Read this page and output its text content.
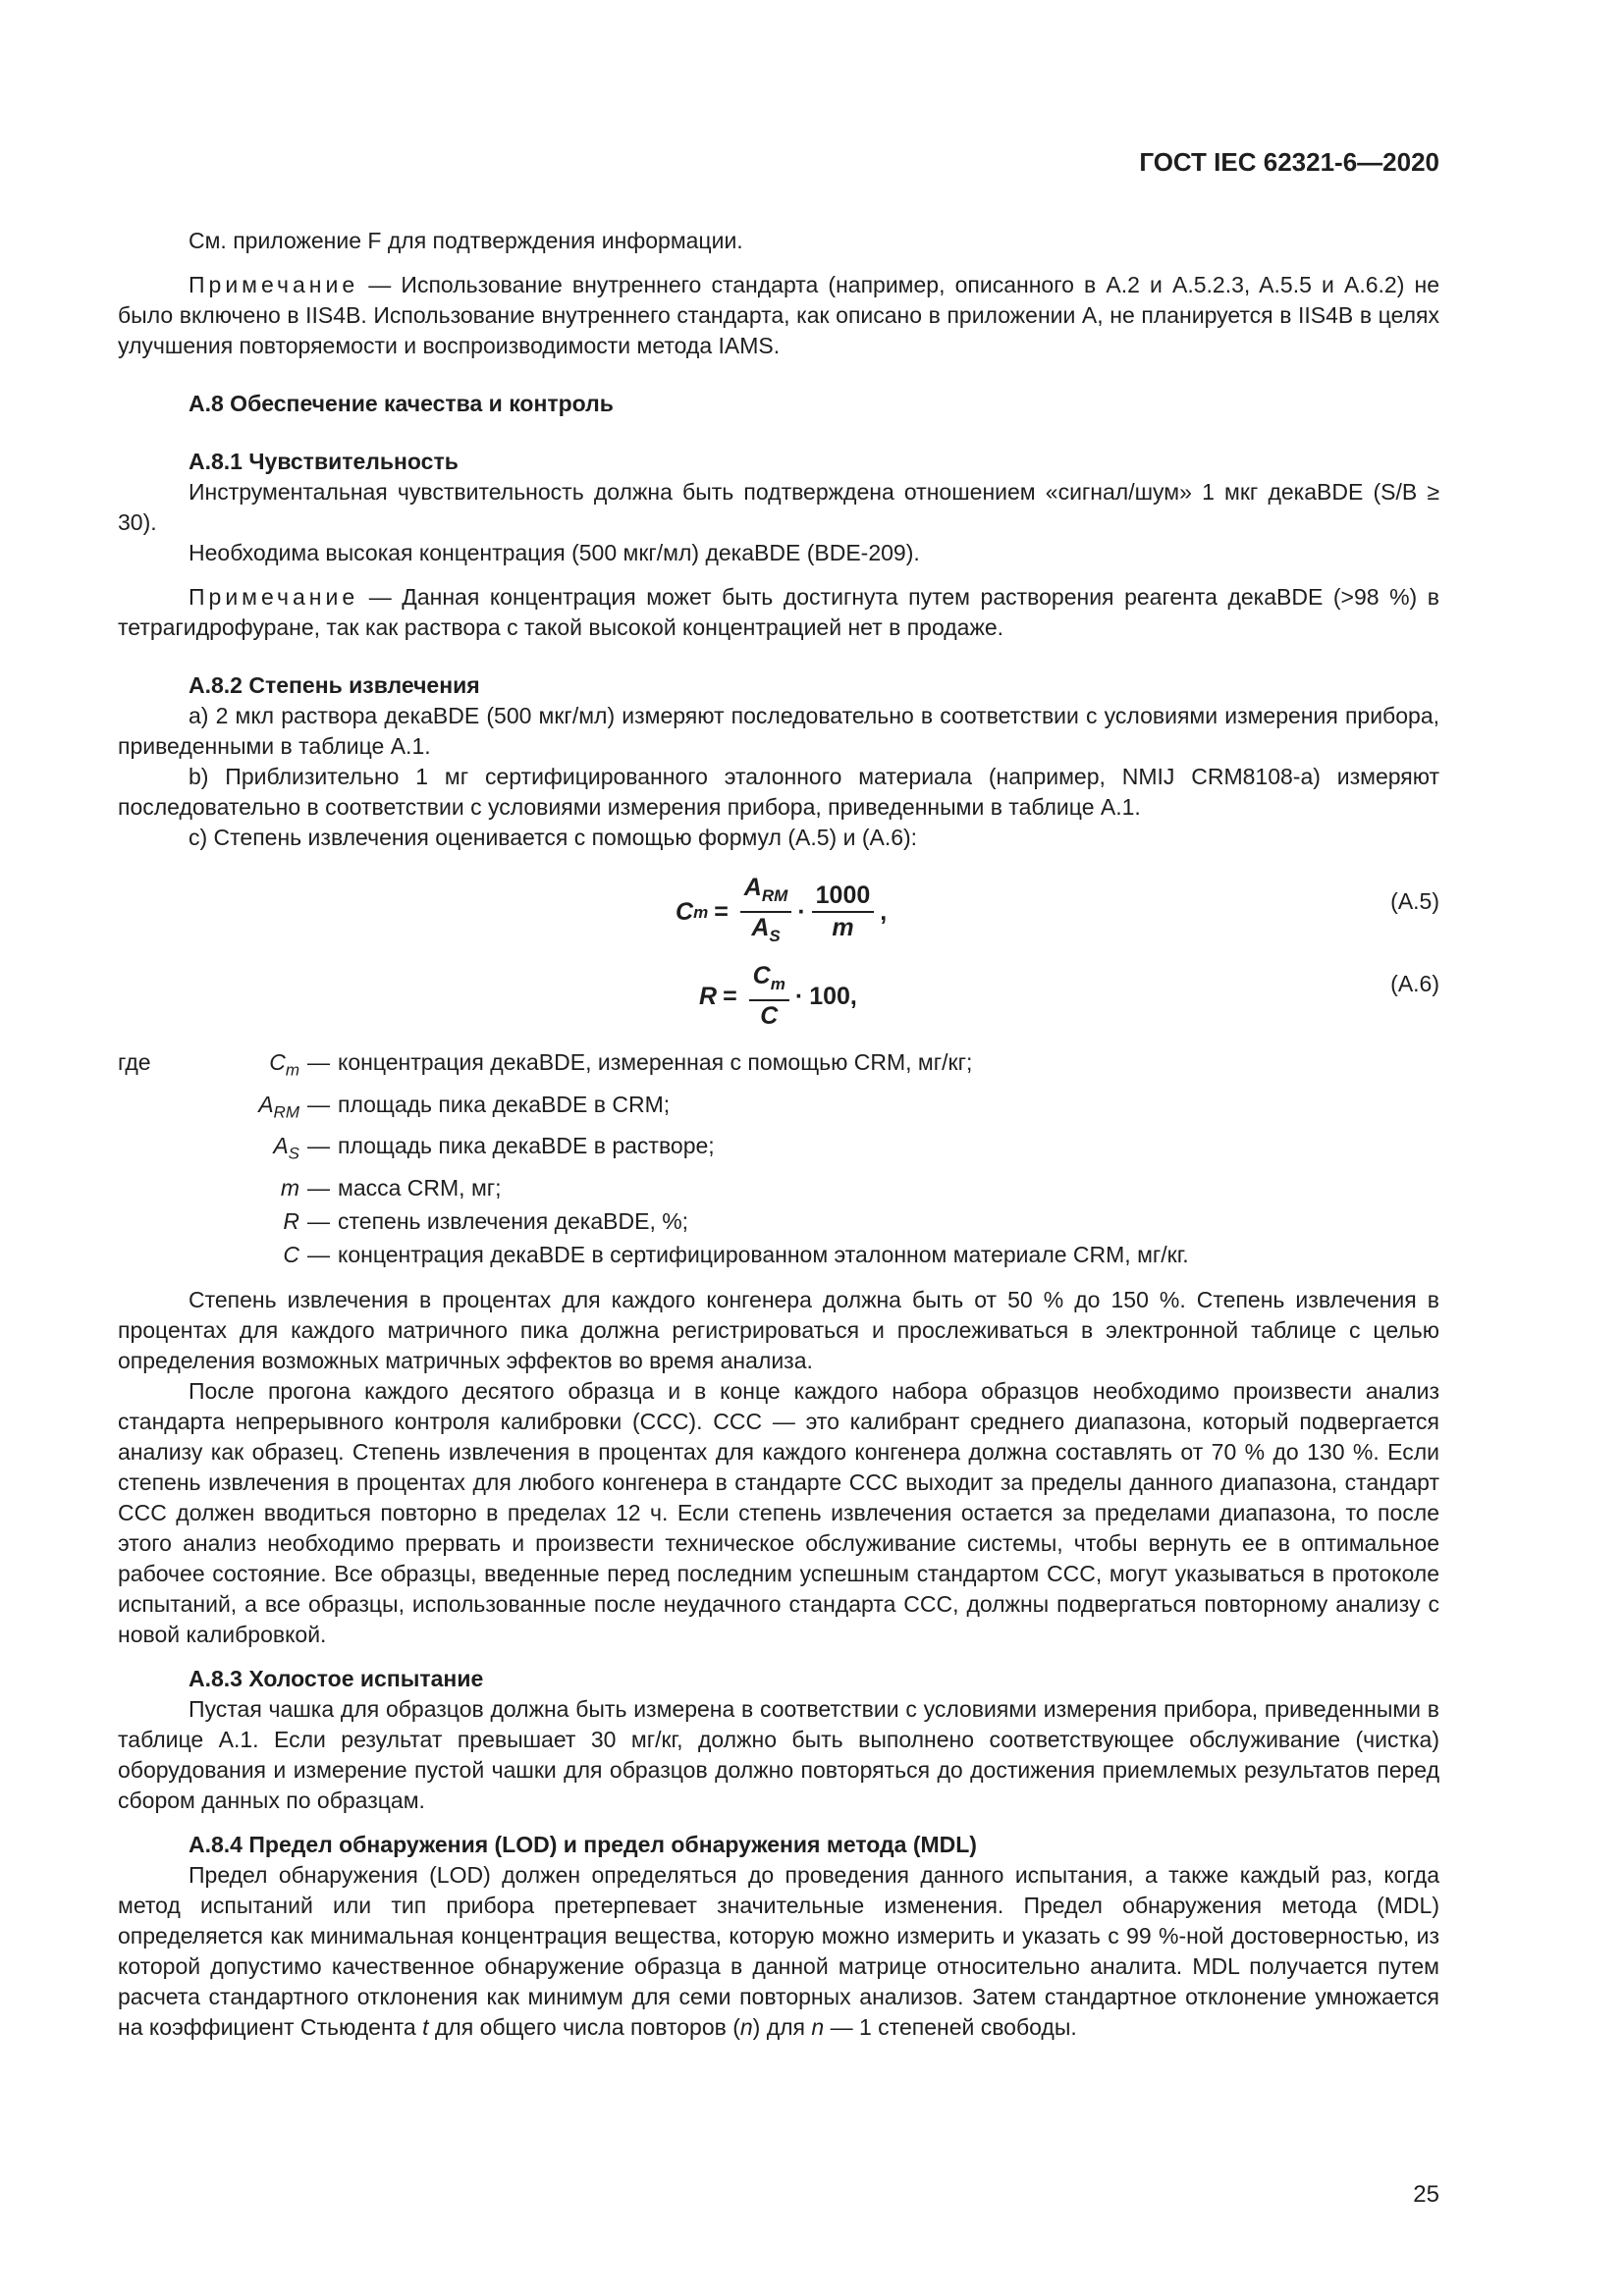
ГОСТ IEC 62321-6—2020

См. приложение F для подтверждения информации.

Примечание — Использование внутреннего стандарта (например, описанного в A.2 и A.5.2.3, A.5.5 и A.6.2) не было включено в IIS4B. Использование внутреннего стандарта, как описано в приложении A, не планируется в IIS4B в целях улучшения повторяемости и воспроизводимости метода IAMS.

A.8 Обеспечение качества и контроль
A.8.1 Чувствительность

Инструментальная чувствительность должна быть подтверждена отношением «сигнал/шум» 1 мкг декаBDE (S/B ≥ 30).

Необходима высокая концентрация (500 мкг/мл) декаBDE (BDE-209).

Примечание — Данная концентрация может быть достигнута путем растворения реагента декаBDE (>98 %) в тетрагидрофуране, так как раствора с такой высокой концентрацией нет в продаже.

A.8.2 Степень извлечения

a) 2 мкл раствора декаBDE (500 мкг/мл) измеряют последовательно в соответствии с условиями измерения прибора, приведенными в таблице A.1.

b) Приблизительно 1 мг сертифицированного эталонного материала (например, NMIJ CRM8108-a) измеряют последовательно в соответствии с условиями измерения прибора, приведенными в таблице A.1.

c) Степень извлечения оценивается с помощью формул (A.5) и (A.6):

C $m = \frac{A_{RM}}{A_S} \cdot \frac{1000}{m}$ ,	(A.5)
$R = \frac{C_m}{C} \cdot 100$,	(A.6)
где	$C_m$ — концентрация декаBDE, измеренная с помощью CRM, мг/кг;
$A_{RM}$ — площадь пика декаBDE в CRM;
$A_S$ — площадь пика декаBDE в растворе;
m — масса CRM, мг;
R — степень извлечения декаBDE, %;
C — концентрация декаBDE в сертифицированном эталонном материале CRM, мг/кг.

Степень извлечения в процентах для каждого конгенера должна быть от 50 % до 150 %. Степень извлечения в процентах для каждого матричного пика должна регистрироваться и прослеживаться в электронной таблице с целью определения возможных матричных эффектов во время анализа.

После прогона каждого десятого образца и в конце каждого набора образцов необходимо произвести анализ стандарта непрерывного контроля калибровки (CCC). CCC — это калибрант среднего диапазона, который подвергается анализу как образец. Степень извлечения в процентах для каждого конгенера должна составлять от 70 % до 130 %. Если степень извлечения в процентах для любого конгенера в стандарте CCC выходит за пределы данного диапазона, стандарт CCC должен вводиться повторно в пределах 12 ч. Если степень извлечения остается за пределами диапазона, то после этого анализ необходимо прервать и произвести техническое обслуживание системы, чтобы вернуть ее в оптимальное рабочее состояние. Все образцы, введенные перед последним успешным стандартом CCC, могут указываться в протоколе испытаний, а все образцы, использованные после неудачного стандарта CCC, должны подвергаться повторному анализу с новой калибровкой.

A.8.3 Холостое испытание

Пустая чашка для образцов должна быть измерена в соответствии с условиями измерения прибора, приведенными в таблице A.1. Если результат превышает 30 мг/кг, должно быть выполнено соответствующее обслуживание (чистка) оборудования и измерение пустой чашки для образцов должно повторяться до достижения приемлемых результатов перед сбором данных по образцам.

A.8.4 Предел обнаружения (LOD) и предел обнаружения метода (MDL)

Предел обнаружения (LOD) должен определяться до проведения данного испытания, а также каждый раз, когда метод испытаний или тип прибора претерпевает значительные изменения. Предел обнаружения метода (MDL) определяется как минимальная концентрация вещества, которую можно измерить и указать с 99 %-ной достоверностью, из которой допустимо качественное обнаружение образца в данной матрице относительно аналита. MDL получается путем расчета стандартного отклонения как минимум для семи повторных анализов. Затем стандартное отклонение умножается на коэффициент Стьюдента t для общего числа повторов (n) для n — 1 степеней свободы.

25
